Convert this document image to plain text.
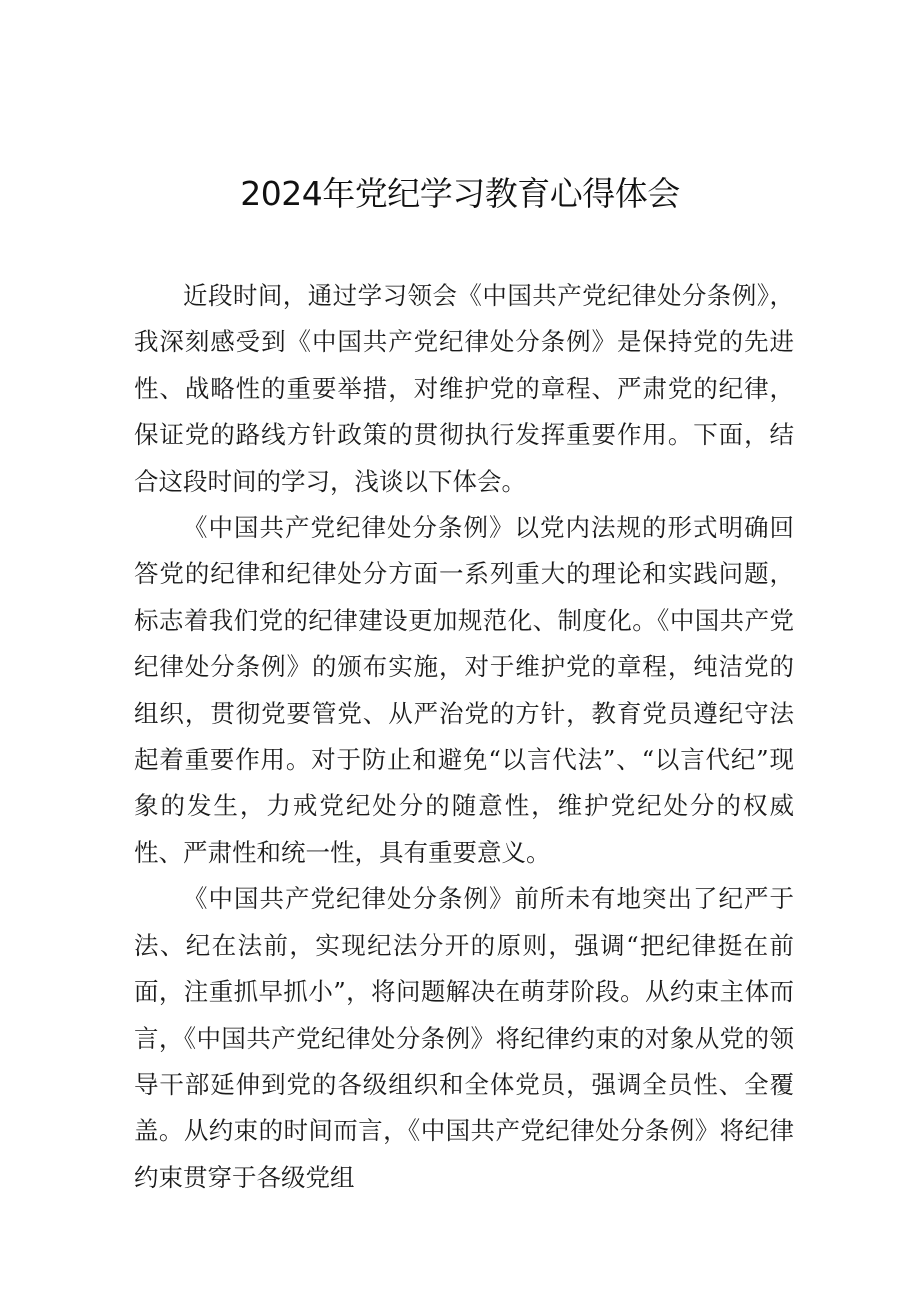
2024年党纪学习教育心得体会

近段时间，通过学习领会《中国共产党纪律处分条例》，我深刻感受到《中国共产党纪律处分条例》是保持党的先进性、战略性的重要举措，对维护党的章程、严肃党的纪律，保证党的路线方针政策的贯彻执行发挥重要作用。下面，结合这段时间的学习，浅谈以下体会。

《中国共产党纪律处分条例》以党内法规的形式明确回答党的纪律和纪律处分方面一系列重大的理论和实践问题，标志着我们党的纪律建设更加规范化、制度化。《中国共产党纪律处分条例》的颁布实施，对于维护党的章程，纯洁党的组织，贯彻党要管党、从严治党的方针，教育党员遵纪守法起着重要作用。对于防止和避免“以言代法”、“以言代纪”现象的发生，力戒党纪处分的随意性，维护党纪处分的权威性、严肃性和统一性，具有重要意义。

《中国共产党纪律处分条例》前所未有地突出了纪严于法、纪在法前，实现纪法分开的原则，强调“把纪律挺在前面，注重抓早抓小”，将问题解决在萌芽阶段。从约束主体而言，《中国共产党纪律处分条例》将纪律约束的对象从党的领导干部延伸到党的各级组织和全体党员，强调全员性、全覆盖。从约束的时间而言，《中国共产党纪律处分条例》将纪律约束贯穿于各级党组
